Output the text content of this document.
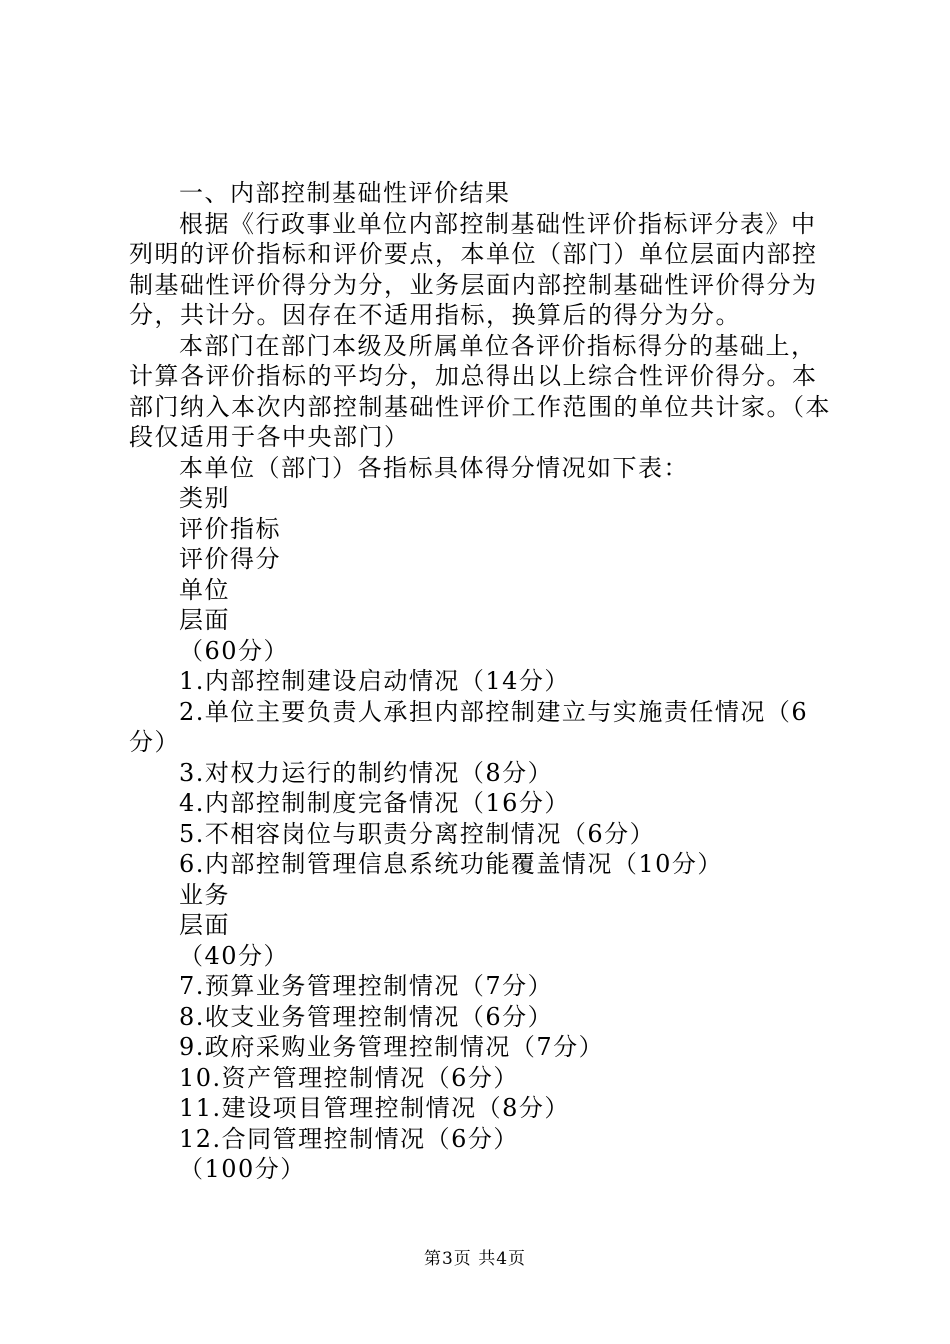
一、内部控制基础性评价结果

根据《行政事业单位内部控制基础性评价指标评分表》中列明的评价指标和评价要点，本单位（部门）单位层面内部控制基础性评价得分为分，业务层面内部控制基础性评价得分为分，共计分。因存在不适用指标，换算后的得分为分。

本部门在部门本级及所属单位各评价指标得分的基础上，计算各评价指标的平均分，加总得出以上综合性评价得分。本部门纳入本次内部控制基础性评价工作范围的单位共计家。（本段仅适用于各中央部门）

本单位（部门）各指标具体得分情况如下表：

类别

评价指标

评价得分

单位

层面

（60分）

1.内部控制建设启动情况（14分）

2.单位主要负责人承担内部控制建立与实施责任情况（6分）

3.对权力运行的制约情况（8分）

4.内部控制制度完备情况（16分）

5.不相容岗位与职责分离控制情况（6分）

6.内部控制管理信息系统功能覆盖情况（10分）

业务

层面

（40分）

7.预算业务管理控制情况（7分）

8.收支业务管理控制情况（6分）

9.政府采购业务管理控制情况（7分）

10.资产管理控制情况（6分）

11.建设项目管理控制情况（8分）

12.合同管理控制情况（6分）

（100分）

第3页 共4页
